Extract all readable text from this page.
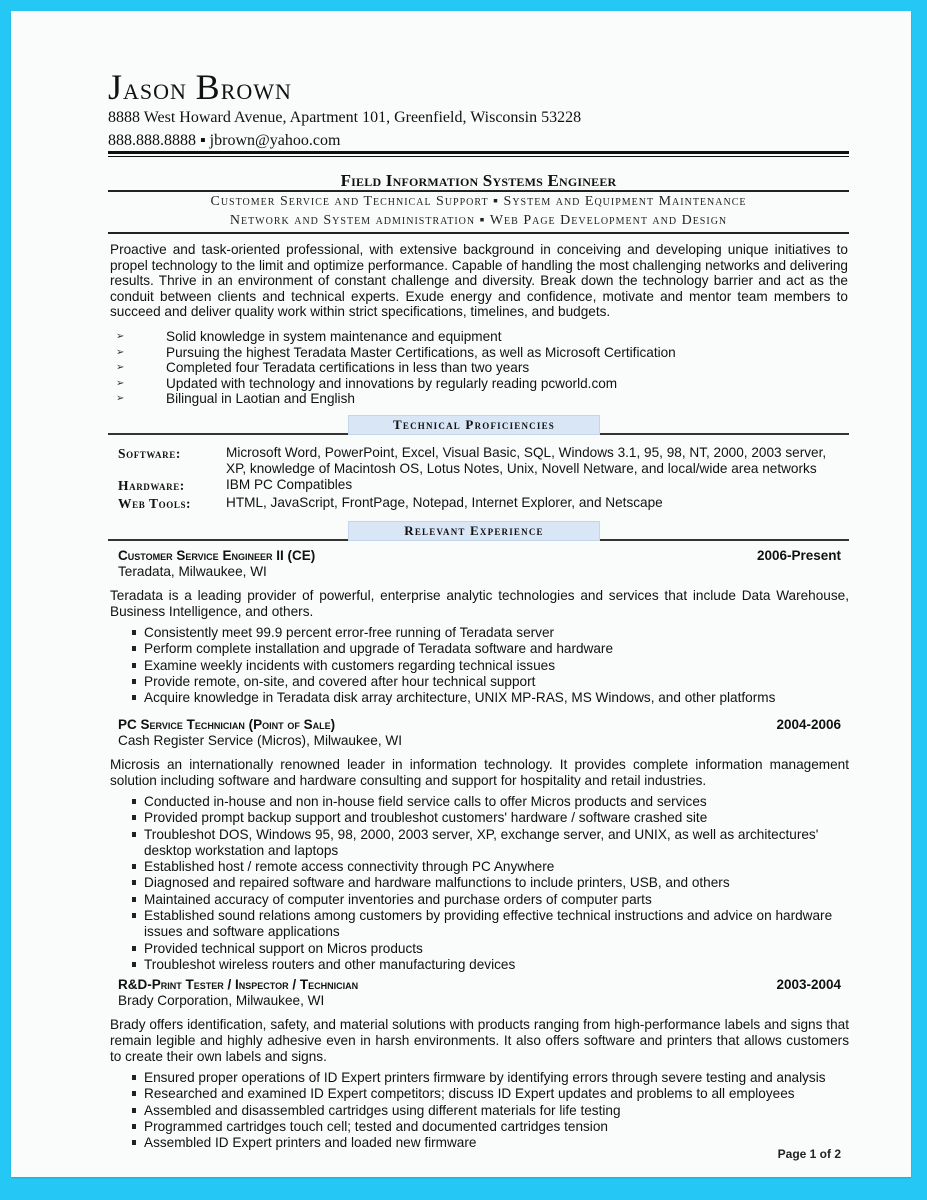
Jason Brown
8888 West Howard Avenue, Apartment 101, Greenfield, Wisconsin 53228
888.888.8888 ▪ jbrown@yahoo.com
Field Information Systems Engineer
Customer Service and Technical Support ▪ System and Equipment Maintenance
Network and System administration ▪ Web Page Development and Design
Proactive and task-oriented professional, with extensive background in conceiving and developing unique initiatives to propel technology to the limit and optimize performance. Capable of handling the most challenging networks and delivering results. Thrive in an environment of constant challenge and diversity. Break down the technology barrier and act as the conduit between clients and technical experts. Exude energy and confidence, motivate and mentor team members to succeed and deliver quality work within strict specifications, timelines, and budgets.
➢	Solid knowledge in system maintenance and equipment
➢	Pursuing the highest Teradata Master Certifications, as well as Microsoft Certification
➢	Completed four Teradata certifications in less than two years
➢	Updated with technology and innovations by regularly reading pcworld.com
➢	Bilingual in Laotian and English
Technical Proficiencies
Software:	Microsoft Word, PowerPoint, Excel, Visual Basic, SQL, Windows 3.1, 95, 98, NT, 2000, 2003 server, XP, knowledge of Macintosh OS, Lotus Notes, Unix, Novell Netware, and local/wide area networks
Hardware:	IBM PC Compatibles
Web Tools:	HTML, JavaScript, FrontPage, Notepad, Internet Explorer, and Netscape
Relevant Experience
Customer Service Engineer II (CE)	2006-Present
Teradata, Milwaukee, WI
Teradata is a leading provider of powerful, enterprise analytic technologies and services that include Data Warehouse, Business Intelligence, and others.
Consistently meet 99.9 percent error-free running of Teradata server
Perform complete installation and upgrade of Teradata software and hardware
Examine weekly incidents with customers regarding technical issues
Provide remote, on-site, and covered after hour technical support
Acquire knowledge in Teradata disk array architecture, UNIX MP-RAS, MS Windows, and other platforms
PC Service Technician (Point of Sale)	2004-2006
Cash Register Service (Micros), Milwaukee, WI
Microsis an internationally renowned leader in information technology. It provides complete information management solution including software and hardware consulting and support for hospitality and retail industries.
Conducted in-house and non in-house field service calls to offer Micros products and services
Provided prompt backup support and troubleshot customers' hardware / software crashed site
Troubleshot DOS, Windows 95, 98, 2000, 2003 server, XP, exchange server, and UNIX, as well as architectures' desktop workstation and laptops
Established host / remote access connectivity through PC Anywhere
Diagnosed and repaired software and hardware malfunctions to include printers, USB, and others
Maintained accuracy of computer inventories and purchase orders of computer parts
Established sound relations among customers by providing effective technical instructions and advice on hardware issues and software applications
Provided technical support on Micros products
Troubleshot wireless routers and other manufacturing devices
R&D-Print Tester / Inspector / Technician	2003-2004
Brady Corporation, Milwaukee, WI
Brady offers identification, safety, and material solutions with products ranging from high-performance labels and signs that remain legible and highly adhesive even in harsh environments. It also offers software and printers that allows customers to create their own labels and signs.
Ensured proper operations of ID Expert printers firmware by identifying errors through severe testing and analysis
Researched and examined ID Expert competitors; discuss ID Expert updates and problems to all employees
Assembled and disassembled cartridges using different materials for life testing
Programmed cartridges touch cell; tested and documented cartridges tension
Assembled ID Expert printers and loaded new firmware
Page 1 of 2
